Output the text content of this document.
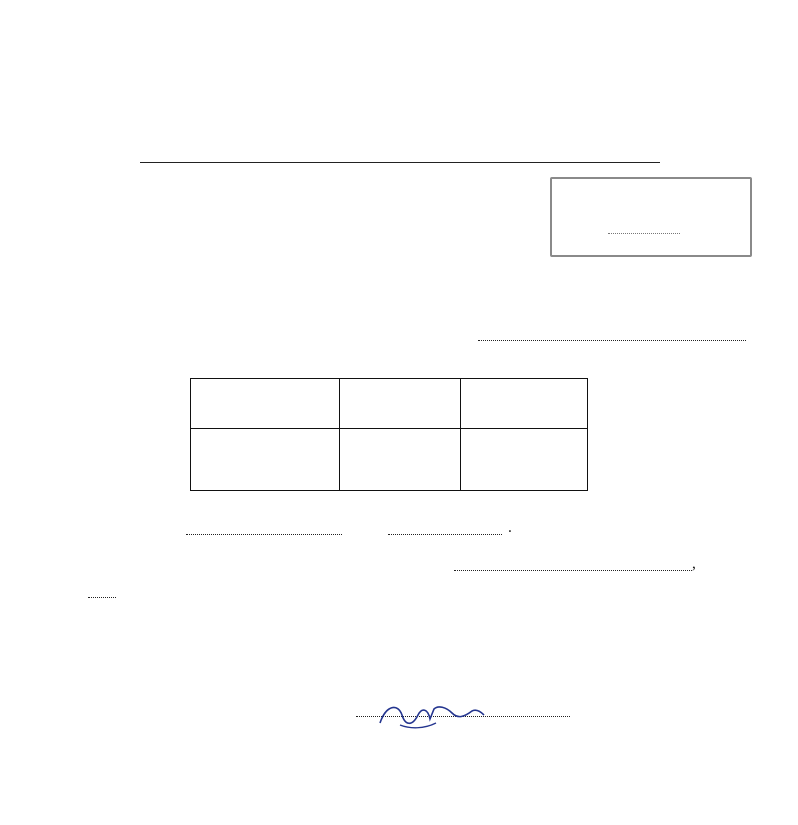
.
,
